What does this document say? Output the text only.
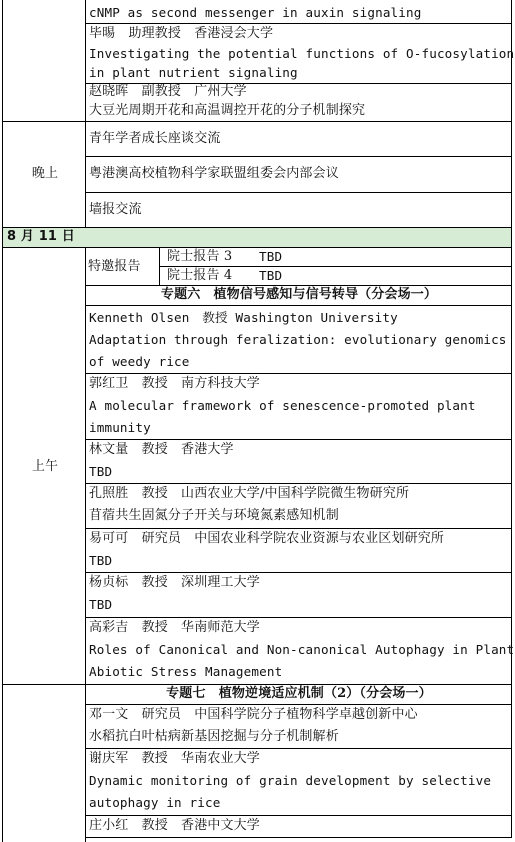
cNMP as second messenger in auxin signaling
毕晹　助理教授　香港浸会大学
Investigating the potential functions of O-fucosylation
in plant nutrient signaling
赵晓晖　副教授　广州大学
大豆光周期开花和高温调控开花的分子机制探究
晚上
青年学者成长座谈交流
粤港澳高校植物科学家联盟组委会内部会议
墙报交流
8 月 11 日
上午
特邀报告
院士报告 3 TBD
院士报告 4 TBD
专题六　植物信号感知与信号转导（分会场一）
Kenneth Olsen　教授 Washington University
Adaptation through feralization: evolutionary genomics
of weedy rice
郭红卫　教授　南方科技大学
A molecular framework of senescence-promoted plant
immunity
林文量　教授　香港大学
TBD
孔照胜　教授　山西农业大学/中国科学院微生物研究所
苜蓿共生固氮分子开关与环境氮素感知机制
易可可　研究员　中国农业科学院农业资源与农业区划研究所
TBD
杨贞标　教授　深圳理工大学
TBD
高彩吉　教授　华南师范大学
Roles of Canonical and Non-canonical Autophagy in Plant
Abiotic Stress Management
专题七　植物逆境适应机制（2）（分会场一）
邓一文　研究员　中国科学院分子植物科学卓越创新中心
水稻抗白叶枯病新基因挖掘与分子机制解析
谢庆军　教授　华南农业大学
Dynamic monitoring of grain development by selective
autophagy in rice
庄小红　教授　香港中文大学
